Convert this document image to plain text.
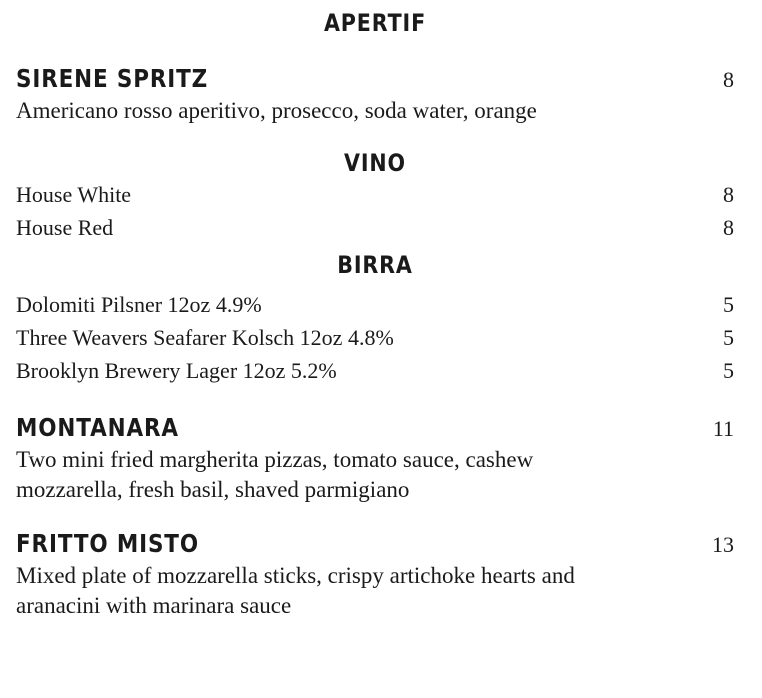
APERTIF
SIRENE SPRITZ	8
Americano rosso aperitivo, prosecco, soda water, orange
VINO
House White	8
House Red	8
BIRRA
Dolomiti Pilsner 12oz 4.9%	5
Three Weavers Seafarer Kolsch 12oz 4.8%	5
Brooklyn Brewery Lager 12oz 5.2%	5
MONTANARA	11
Two mini fried margherita pizzas, tomato sauce, cashew
mozzarella, fresh basil, shaved parmigiano
FRITTO MISTO	13
Mixed plate of mozzarella sticks, crispy artichoke hearts and
aranacini with marinara sauce
